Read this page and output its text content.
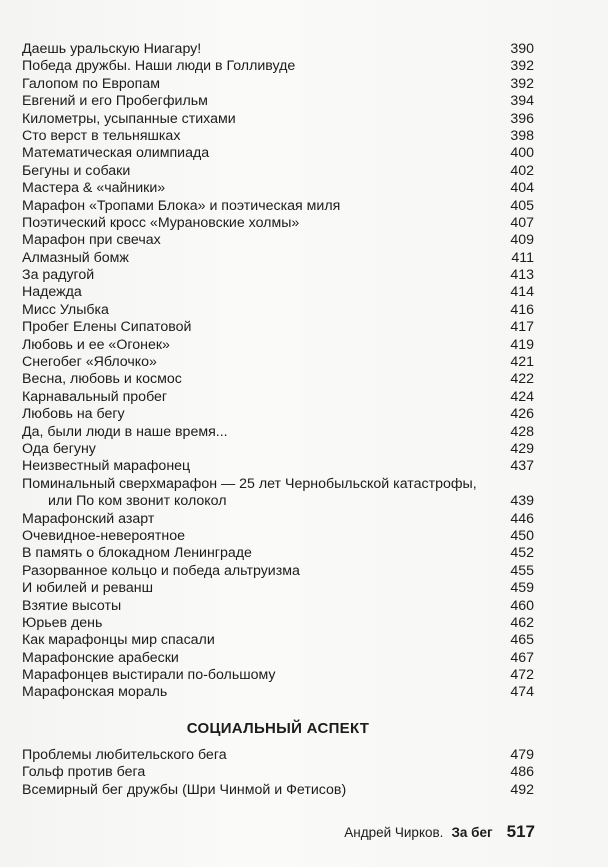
Даешь уральскую Ниагару!	390
Победа дружбы. Наши люди в Голливуде	392
Галопом по Европам	392
Евгений и его Пробегфильм	394
Километры, усыпанные стихами	396
Сто верст в тельняшках	398
Математическая олимпиада	400
Бегуны и собаки	402
Мастера & «чайники»	404
Марафон «Тропами Блока» и поэтическая миля	405
Поэтический кросс «Мурановские холмы»	407
Марафон при свечах	409
Алмазный бомж	411
За радугой	413
Надежда	414
Мисс Улыбка	416
Пробег Елены Сипатовой	417
Любовь и ее «Огонек»	419
Снегобег «Яблочко»	421
Весна, любовь и космос	422
Карнавальный пробег	424
Любовь на бегу	426
Да, были люди в наше время...	428
Ода бегуну	429
Неизвестный марафонец	437
Поминальный сверхмарафон — 25 лет Чернобыльской катастрофы,
или По ком звонит колокол	439
Марафонский азарт	446
Очевидное-невероятное	450
В память о блокадном Ленинграде	452
Разорванное кольцо и победа альтруизма	455
И юбилей и реванш	459
Взятие высоты	460
Юрьев день	462
Как марафонцы мир спасали	465
Марафонские арабески	467
Марафонцев выстирали по-большому	472
Марафонская мораль	474
СОЦИАЛЬНЫЙ АСПЕКТ
Проблемы любительского бега	479
Гольф против бега	486
Всемирный бег дружбы (Шри Чинмой и Фетисов)	492
Андрей Чирков. За бег 517
